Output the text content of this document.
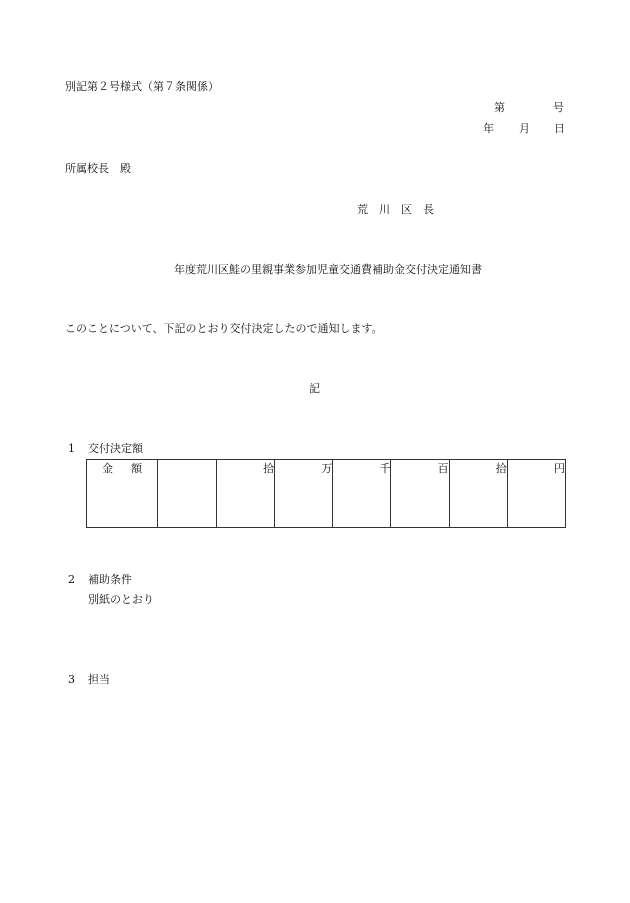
別記第２号様式（第７条関係）
第	号
年 月 日
所属校長　殿
荒　川　区　長
年度荒川区鮭の里親事業参加児童交通費補助金交付決定通知書
このことについて、下記のとおり交付決定したので通知します。
記
1 交付決定額
金 額		拾	万	千	百	拾	円
2 補助条件
別紙のとおり
3 担当
